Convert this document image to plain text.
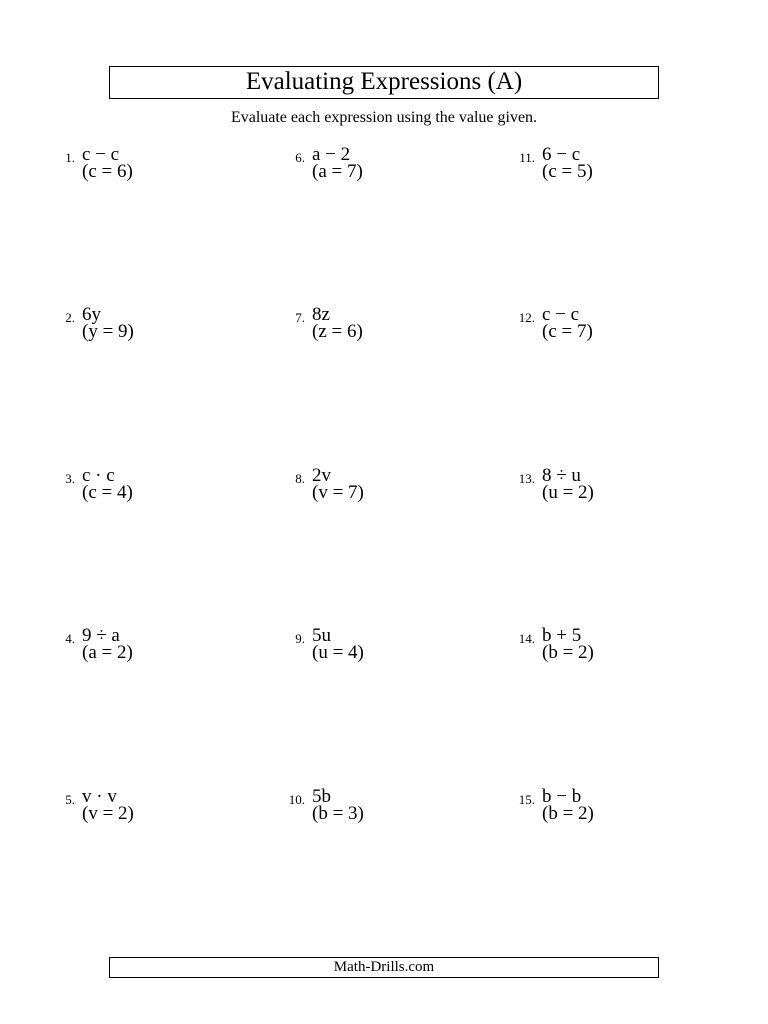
Evaluating Expressions (A)
Evaluate each expression using the value given.
1. c − c
(c = 6)
2. 6y
(y = 9)
3. c · c
(c = 4)
4. 9 ÷ a
(a = 2)
5. v · v
(v = 2)
6. a − 2
(a = 7)
7. 8z
(z = 6)
8. 2v
(v = 7)
9. 5u
(u = 4)
10. 5b
(b = 3)
11. 6 − c
(c = 5)
12. c − c
(c = 7)
13. 8 ÷ u
(u = 2)
14. b + 5
(b = 2)
15. b − b
(b = 2)
Math-Drills.com
